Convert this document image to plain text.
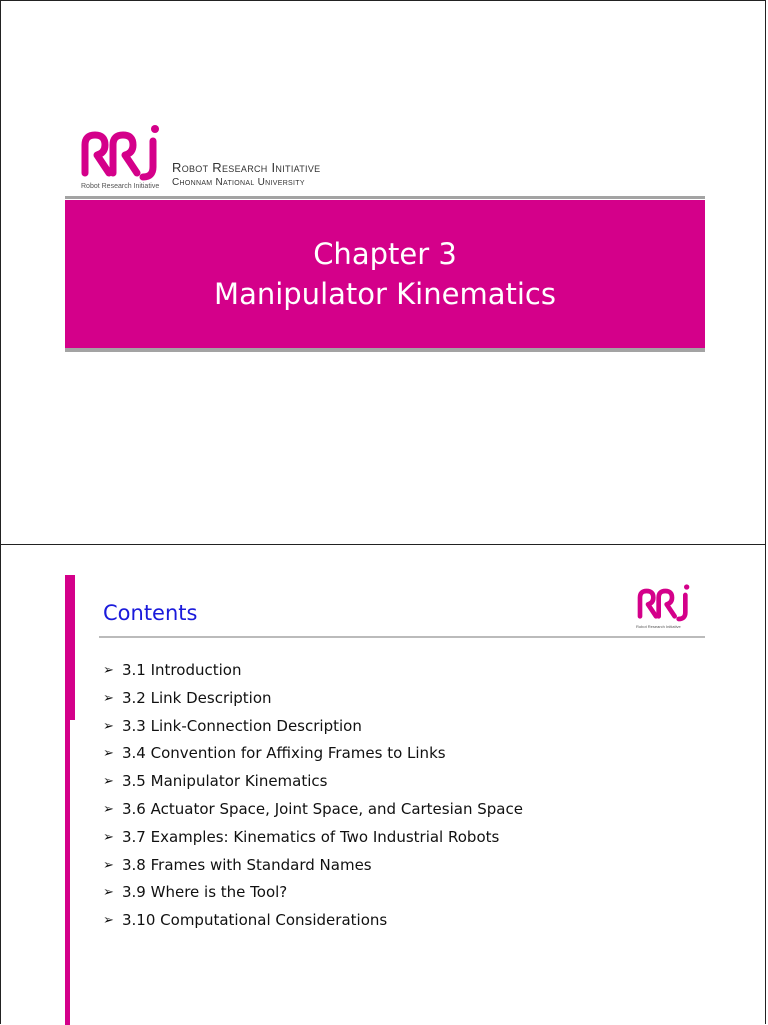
Robot Research Initiative
Robot Research Initiative
Chonnam National University
Chapter 3
Manipulator Kinematics
Contents
Robot Research Initiative
➢ 3.1 Introduction
➢ 3.2 Link Description
➢ 3.3 Link-Connection Description
➢ 3.4 Convention for Affixing Frames to Links
➢ 3.5 Manipulator Kinematics
➢ 3.6 Actuator Space, Joint Space, and Cartesian Space
➢ 3.7 Examples: Kinematics of Two Industrial Robots
➢ 3.8 Frames with Standard Names
➢ 3.9 Where is the Tool?
➢ 3.10 Computational Considerations
